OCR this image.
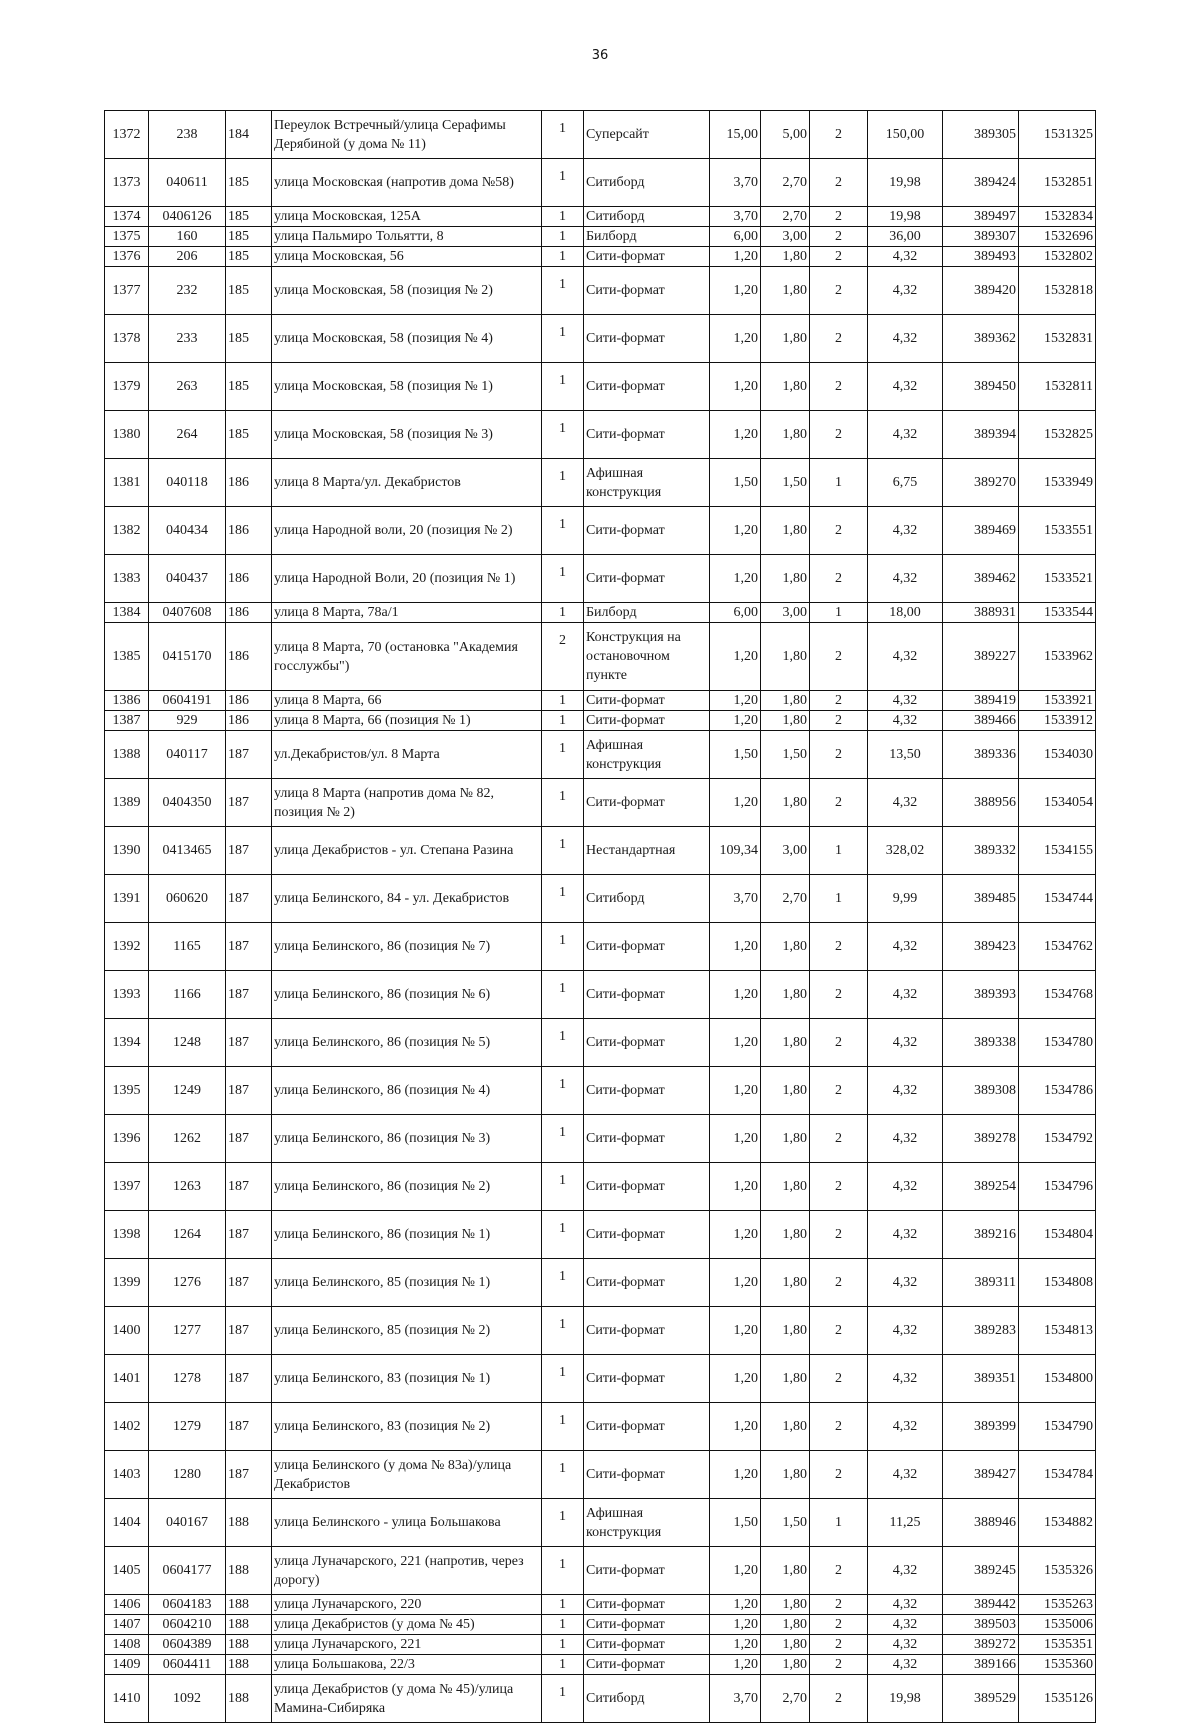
36
1372	238	184	Переулок Встречный/улица Серафимы Дерябиной (у дома № 11)	1	Суперсайт	15,00	5,00	2	150,00	389305	1531325
1373	040611	185	улица Московская (напротив дома №58)	1	Ситиборд	3,70	2,70	2	19,98	389424	1532851
1374	0406126	185	улица Московская, 125А	1	Ситиборд	3,70	2,70	2	19,98	389497	1532834
1375	160	185	улица Пальмиро Тольятти, 8	1	Билборд	6,00	3,00	2	36,00	389307	1532696
1376	206	185	улица Московская, 56	1	Сити-формат	1,20	1,80	2	4,32	389493	1532802
1377	232	185	улица Московская, 58 (позиция № 2)	1	Сити-формат	1,20	1,80	2	4,32	389420	1532818
1378	233	185	улица Московская, 58 (позиция № 4)	1	Сити-формат	1,20	1,80	2	4,32	389362	1532831
1379	263	185	улица Московская, 58 (позиция № 1)	1	Сити-формат	1,20	1,80	2	4,32	389450	1532811
1380	264	185	улица Московская, 58 (позиция № 3)	1	Сити-формат	1,20	1,80	2	4,32	389394	1532825
1381	040118	186	улица 8 Марта/ул. Декабристов	1	Афишная конструкция	1,50	1,50	1	6,75	389270	1533949
1382	040434	186	улица Народной воли, 20 (позиция № 2)	1	Сити-формат	1,20	1,80	2	4,32	389469	1533551
1383	040437	186	улица Народной Воли, 20 (позиция № 1)	1	Сити-формат	1,20	1,80	2	4,32	389462	1533521
1384	0407608	186	улица 8 Марта, 78а/1	1	Билборд	6,00	3,00	1	18,00	388931	1533544
1385	0415170	186	улица 8 Марта, 70 (остановка "Академия госслужбы")	2	Конструкция на остановочном пункте	1,20	1,80	2	4,32	389227	1533962
1386	0604191	186	улица 8 Марта, 66	1	Сити-формат	1,20	1,80	2	4,32	389419	1533921
1387	929	186	улица 8 Марта, 66 (позиция № 1)	1	Сити-формат	1,20	1,80	2	4,32	389466	1533912
1388	040117	187	ул.Декабристов/ул. 8 Марта	1	Афишная конструкция	1,50	1,50	2	13,50	389336	1534030
1389	0404350	187	улица 8 Марта (напротив дома № 82, позиция № 2)	1	Сити-формат	1,20	1,80	2	4,32	388956	1534054
1390	0413465	187	улица Декабристов - ул. Степана Разина	1	Нестандартная	109,34	3,00	1	328,02	389332	1534155
1391	060620	187	улица Белинского, 84 - ул. Декабристов	1	Ситиборд	3,70	2,70	1	9,99	389485	1534744
1392	1165	187	улица Белинского, 86 (позиция № 7)	1	Сити-формат	1,20	1,80	2	4,32	389423	1534762
1393	1166	187	улица Белинского, 86 (позиция № 6)	1	Сити-формат	1,20	1,80	2	4,32	389393	1534768
1394	1248	187	улица Белинского, 86 (позиция № 5)	1	Сити-формат	1,20	1,80	2	4,32	389338	1534780
1395	1249	187	улица Белинского, 86 (позиция № 4)	1	Сити-формат	1,20	1,80	2	4,32	389308	1534786
1396	1262	187	улица Белинского, 86 (позиция № 3)	1	Сити-формат	1,20	1,80	2	4,32	389278	1534792
1397	1263	187	улица Белинского, 86 (позиция № 2)	1	Сити-формат	1,20	1,80	2	4,32	389254	1534796
1398	1264	187	улица Белинского, 86 (позиция № 1)	1	Сити-формат	1,20	1,80	2	4,32	389216	1534804
1399	1276	187	улица Белинского, 85 (позиция № 1)	1	Сити-формат	1,20	1,80	2	4,32	389311	1534808
1400	1277	187	улица Белинского, 85 (позиция № 2)	1	Сити-формат	1,20	1,80	2	4,32	389283	1534813
1401	1278	187	улица Белинского, 83 (позиция № 1)	1	Сити-формат	1,20	1,80	2	4,32	389351	1534800
1402	1279	187	улица Белинского, 83 (позиция № 2)	1	Сити-формат	1,20	1,80	2	4,32	389399	1534790
1403	1280	187	улица Белинского (у дома № 83а)/улица Декабристов	1	Сити-формат	1,20	1,80	2	4,32	389427	1534784
1404	040167	188	улица Белинского - улица Большакова	1	Афишная конструкция	1,50	1,50	1	11,25	388946	1534882
1405	0604177	188	улица Луначарского, 221 (напротив, через дорогу)	1	Сити-формат	1,20	1,80	2	4,32	389245	1535326
1406	0604183	188	улица Луначарского, 220	1	Сити-формат	1,20	1,80	2	4,32	389442	1535263
1407	0604210	188	улица Декабристов (у дома № 45)	1	Сити-формат	1,20	1,80	2	4,32	389503	1535006
1408	0604389	188	улица Луначарского, 221	1	Сити-формат	1,20	1,80	2	4,32	389272	1535351
1409	0604411	188	улица Большакова, 22/3	1	Сити-формат	1,20	1,80	2	4,32	389166	1535360
1410	1092	188	улица Декабристов (у дома № 45)/улица Мамина-Сибиряка	1	Ситиборд	3,70	2,70	2	19,98	389529	1535126
